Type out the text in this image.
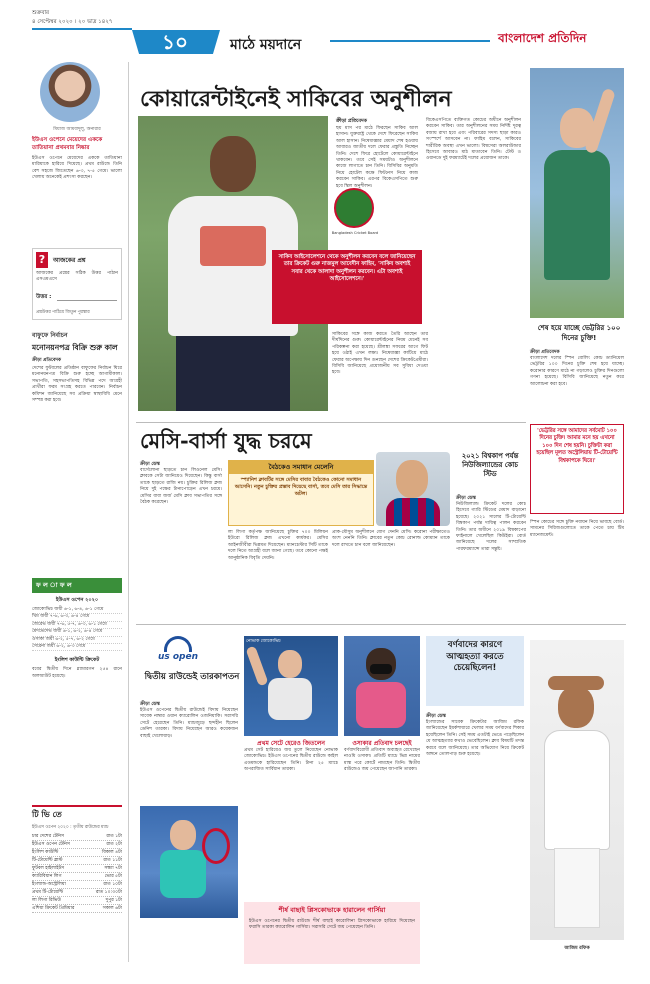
শুক্রবার
৪ সেপ্টেম্বর ২০২০ । ২০ ভাদ্র ১৪২৭
১০	মাঠে ময়দানে	বাংলাদেশ প্রতিদিন
মিয়াজ আমবাদুলু, অনারার
ইউএস ওপেনে মেয়েদের এককে তাতিয়ানা প্রথমবার নিষ্কার
ইউএস ওপেনে মেয়েদের এককে তাতিয়ানা মারিয়াকে হারিয়ে দিয়েছে। প্রথম রাউন্ডে তিনি বেশ সহজে জিতেছেন ৬-৩, ৭-৫ গেমে। ভালো খেলায় অনেকেই প্রশংসা করছেন।
?	আজকের প্রশ্ন
আজকের প্রশ্নের সঠিক উত্তর পাঠান এসএমএসে
উত্তর :
প্রশ্নউত্তর পাঠিয়ে জিতুন পুরস্কার
বাফুফে নির্বাচন
মনোনয়নপত্র বিক্রি শুরু কাল
ক্রীড়া প্রতিবেদক
দেশের ফুটবলের প্রতিষ্ঠান বাফুফের নির্বাচন ঘিরে মনোনয়নপত্র বিক্রি শুরু হচ্ছে আগামীকাল। সভাপতি, সহসভাপতিসহ বিভিন্ন পদে আগ্রহী প্রার্থীরা ফরম সংগ্রহ করতে পারবেন। নির্বাচন কমিশন জানিয়েছে সব প্রক্রিয়া স্বাস্থ্যবিধি মেনে সম্পন্ন করা হবে।
ফ ল া ফ ল
ইউএস ওপেন ২০২০
জোকোভিচ জয়ী ৬-১, ৬-৪, ৬-১ গেমে
থিম জয়ী ৭-৬, ৬-৩, ৬-৪ গেমে
জেরেভ জয়ী ৭-৬, ৫-৭, ৬-৩, ৬-১ গেমে
মেদভেদেভ জয়ী ৬-১, ৬-২, ৬-৪ গেমে
ওসাকা জয়ী ৬-২, ৫-৭, ৬-২ গেমে
সেরেনা জয়ী ৬-২, ৬-৩ গেমে
ইংলিশ কাউন্টি ক্রিকেট
ববের দ্বিতীয় দিনে গ্ল্যামারগন ২৫৪ রানে অলআউট হয়েছে।
টি ভি তে
ইউএস ওপেন ২০২০ : তৃতীয় রাউন্ডের ম্যাচ
চার দেশের টেনিস	রাত ১টা
ইউএস ওপেন টেনিস	রাত ২টা
ইংলিশ কাউন্টি	বিকাল ৪টা
টি-টোয়েন্টি ব্লাস্ট	রাত ১১টা
ফুটবল হাইলাইটস	সন্ধ্যা ৭টা
ক্যারিবিয়ান লিগ	ভোর ৫টা
ইংল্যান্ড-অস্ট্রেলিয়া	রাত ১০টা
প্রথম টি-টোয়েন্টি	রাত ১০:৩০টা
লা লিগা রিভিউ	দুপুর ১টা
এশিয়া ক্রিকেট প্রিমিয়ার	সকাল ৬টা
কোয়ারেন্টাইনেই সাকিবের অনুশীলন
Bangladesh Cricket Board
সাকিব আইসোলেশনে থেকে অনুশীলন করবেন বলে জানিয়েছেন তার ক্রিকেট গুরু নাজমুল আবেদীন ফাহিম, 'সাকিব অবশ্যই সবার থেকে আলাদা অনুশীলন করবেন। এটা অবশ্যই আইসোলেশনে।'
ক্রীড়া প্রতিবেদক
ছয় মাস পর মাঠে ফিরছেন সাকিব আল হাসান। যুক্তরাষ্ট্র থেকে দেশে ফিরেছেন সাকিব আল হাসান। নিষেধাজ্ঞার মেয়াদ শেষ হওয়ায় আবারও জাতীয় দলে ফেরার প্রস্তুতি নিচ্ছেন তিনি। দেশে ফিরে হোটেলে কোয়ারেন্টাইনে থাকবেন। তবে সেই সময়টাও অনুশীলনে কাজে লাগাতে চান তিনি। বিসিবির অনুমতি নিয়ে হোটেল কক্ষে ফিটনেস নিয়ে কাজ করবেন সাকিব। এরপর বিকেএসপিতে শুরু হবে স্কিল অনুশীলন।
সাকিবের সঙ্গে কাজ করতে তৈরি আছেন তার দীর্ঘদিনের গুরু। কোয়ারেন্টাইনের নিয়ম মেনেই সব পরিকল্পনা করা হয়েছে। শ্রীলঙ্কা সফরের আগে ফিট হয়ে ওঠাই এখন লক্ষ্য। নিষেধাজ্ঞা কাটিয়ে মাঠে ফেরার অপেক্ষায় দিন গুনছেন দেশের ক্রিকেটপ্রেমীরা। বিসিবি জানিয়েছে প্রয়োজনীয় সব সুবিধা দেওয়া হবে।
বিকেএসপিতে ব্যক্তিগত কোচের অধীনে অনুশীলন করবেন সাকিব। তার অনুশীলনের সময় নির্দিষ্ট দূরত্ব বজায় রাখা হবে এবং পরিবারের সদস্য ছাড়া কারও সংস্পর্শে আসবেন না। ফাহিম বলেন, সাকিবের শারীরিক অবস্থা এখন ভালো। বিশ্বসেরা অলরাউন্ডার হিসেবে আবারও মাঠ মাতাবেন তিনি। টেস্ট ও ওয়ানডে দুই ফরম্যাটেই দলের প্রয়োজন তাকে।
শেষ হয়ে যাচ্ছে ভেট্টরির ১০০ দিনের চুক্তি!
ক্রীড়া প্রতিবেদক
বাংলাদেশ দলের স্পিন বোলিং কোচ ড্যানিয়েল ভেট্টরির ১০০ দিনের চুক্তি শেষ হয়ে যাচ্ছে। করোনার কারণে মাঠে না গড়ালেও চুক্তির দিনগুলো গণনা হয়েছে। বিসিবি জানিয়েছে নতুন করে আলোচনা করা হবে।
'ভেট্টরির সঙ্গে আমাদের সর্বমোট ১০০ দিনের চুক্তি। আমার মনে হয় এখনো ১০০ দিন শেষ হয়নি। চুক্তিটা করা হয়েছিল মূলত অস্ট্রেলিয়ায় টি-টোয়েন্টি বিশ্বকাপকে ঘিরে।'
স্পিন কোচের সঙ্গে চুক্তি নবায়ন নিয়ে ভাবছে বোর্ড। সামনের সিরিজগুলোতে তাকে পেতে চায় টিম ম্যানেজমেন্ট।
মেসি-বার্সা যুদ্ধ চরমে
ক্রীড়া ডেস্ক
বার্সেলোনা ছাড়তে চান লিওনেল মেসি। ক্লাবকে সেটা জানিয়েও দিয়েছেন। কিন্তু বার্সা তাকে ছাড়তে রাজি নয়। চুক্তির রিলিজ ক্লজ নিয়ে দুই পক্ষের টানাপোড়েন এখন চরমে। মেসির বাবা জর্জ মেসি ক্লাব সভাপতির সঙ্গে বৈঠক করেছেন।
বৈঠকেও সমাধান মেলেনি
স্প্যানিশ ক্লাবটির সঙ্গে মেসির বাবার বৈঠকেও কোনো সমাধান আসেনি। নতুন চুক্তির প্রস্তাব দিয়েছে বার্সা, তবে মেসি তার সিদ্ধান্তে অটল।
লা লিগা কর্তৃপক্ষ জানিয়েছে চুক্তির ৭০০ মিলিয়ন ইউরো রিলিজ ক্লজ এখনো কার্যকর। মেসির আইনজীবীরা ভিন্নমত দিয়েছেন। ম্যানচেস্টার সিটি তাকে দলে নিতে আগ্রহী বলে জানা গেছে। তবে কোনো পক্ষই আনুষ্ঠানিক বিবৃতি দেয়নি।
প্রাক-মৌসুম অনুশীলনে যোগ দেননি মেসি। করোনা পরীক্ষাতেও অংশ নেননি তিনি। ক্লাবের নতুন কোচ রোনাল্ড কোম্যান তাকে দলে রাখতে চান বলে জানিয়েছেন।
২০২১ বিশ্বকাপ পর্যন্ত নিউজিল্যান্ডের কোচ স্টিড
ক্রীড়া ডেস্ক
নিউজিল্যান্ড ক্রিকেট দলের কোচ হিসেবে গ্যারি স্টিডের মেয়াদ বাড়ানো হয়েছে। ২০২১ সালের টি-টোয়েন্টি বিশ্বকাপ পর্যন্ত দায়িত্ব পালন করবেন তিনি। তার অধীনে ২০১৯ বিশ্বকাপের ফাইনালে খেলেছিল কিউইরা। বোর্ড জানিয়েছে দলের সাম্প্রতিক পারফরম্যান্সে তারা সন্তুষ্ট।
us open
দ্বিতীয় রাউন্ডেই তারকাপতন
ক্রীড়া ডেস্ক
ইউএস ওপেনের দ্বিতীয় রাউন্ডেই বিদায় নিয়েছেন সাবেক নাম্বার ওয়ান ক্যারোলিন ওজনিয়াকি। সরাসরি সেটে হেরেছেন তিনি। ম্যাচজুড়ে ছন্দহীন ছিলেন ডেনিশ তারকা। বিদায় নিয়েছেন আরও কয়েকজন বাছাই খেলোয়াড়।
নোভাক জোকোভিচ
প্রথম সেটে হেরেও জিতলেন
প্রথম সেট হারিয়েও জয় তুলে নিয়েছেন নোভাক জোকোভিচ। ইউএস ওপেনের দ্বিতীয় রাউন্ডে কাইল এডমন্ডকে হারিয়েছেন তিনি। টানা ২৫ ম্যাচে অপরাজিত সার্বিয়ান তারকা।
ওসাকার প্রতিবাদ চলছেই
বর্ণবাদবিরোধী প্রতিবাদ অব্যাহত রেখেছেন নাওমি ওসাকা। প্রতিটি ম্যাচে ভিন্ন নামের মাস্ক পরে কোর্টে নামছেন তিনি। দ্বিতীয় রাউন্ডেও জয় পেয়েছেন জাপানি তারকা।
শীর্ষ বাছাই প্লিসকোভাকে হারালেন গার্সিয়া
ইউএস ওপেনের দ্বিতীয় রাউন্ডে শীর্ষ বাছাই কারোলিনা প্লিসকোভাকে হারিয়ে দিয়েছেন ফরাসি তারকা ক্যারোলিন গার্সিয়া। সরাসরি সেটে জয় পেয়েছেন তিনি।
বর্ণবাদের কারণে আত্মহত্যা করতে চেয়েছিলেন!
ক্রীড়া ডেস্ক
ইংল্যান্ডের সাবেক ক্রিকেটার আজিম রফিক জানিয়েছেন ইয়র্কশায়ারে খেলার সময় বর্ণবাদের শিকার হয়েছিলেন তিনি। সেই সময় এতটাই ভেঙে পড়েছিলেন যে আত্মহত্যার কথাও ভেবেছিলেন। ক্লাব বিষয়টি তদন্ত করবে বলে জানিয়েছে। তার অভিযোগ নিয়ে ক্রিকেট অঙ্গনে তোলপাড় শুরু হয়েছে।
আজিম রফিক
